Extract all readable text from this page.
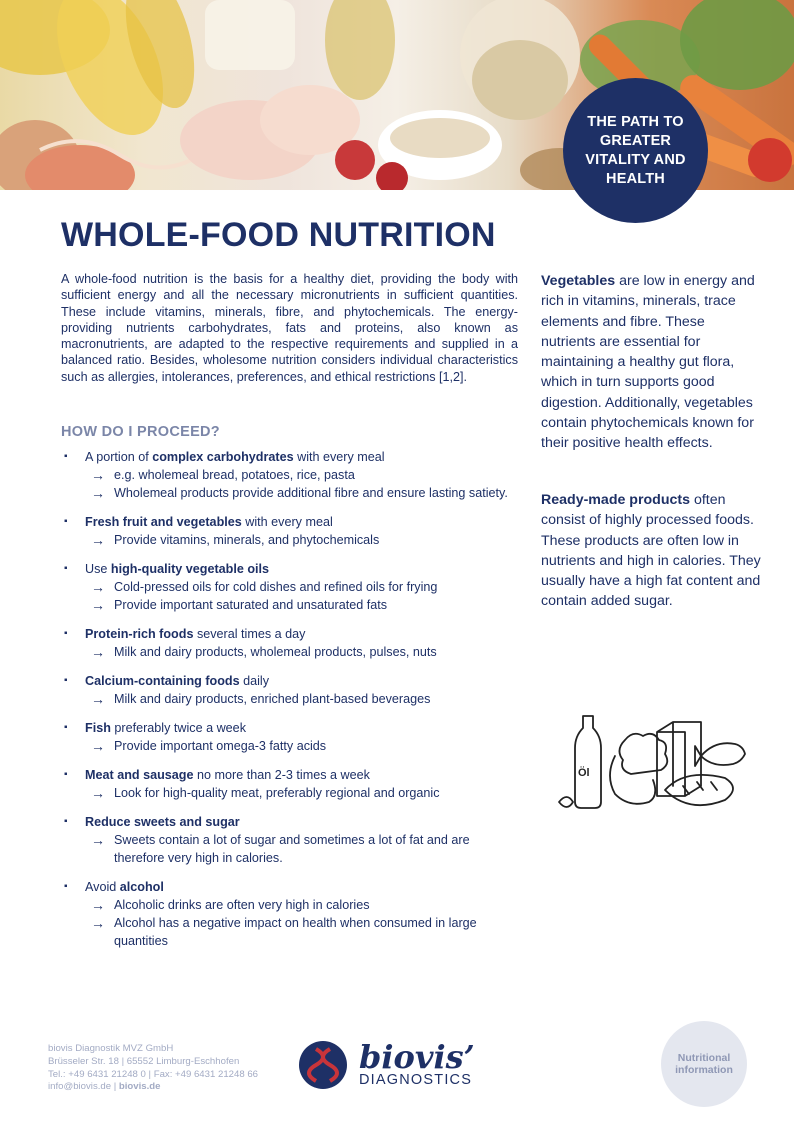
THE PATH TO GREATER VITALITY AND HEALTH
WHOLE-FOOD NUTRITION

A whole-food nutrition is the basis for a healthy diet, providing the body with sufficient energy and all the necessary micronutrients in sufficient quantities. These include vitamins, minerals, fibre, and phytochemicals. The energy-providing nutrients carbohydrates, fats and proteins, also known as macronutrients, are adapted to the respective requirements and supplied in a balanced ratio. Besides, wholesome nutrition considers individual characteristics such as allergies, intolerances, preferences, and ethical restrictions [1,2].

HOW DO I PROCEED?
▪ A portion of complex carbohydrates with every meal
→ e.g. wholemeal bread, potatoes, rice, pasta
→ Wholemeal products provide additional fibre and ensure lasting satiety.
▪ Fresh fruit and vegetables with every meal
→ Provide vitamins, minerals, and phytochemicals
▪ Use high-quality vegetable oils
→ Cold-pressed oils for cold dishes and refined oils for frying
→ Provide important saturated and unsaturated fats
▪ Protein-rich foods several times a day
→ Milk and dairy products, wholemeal products, pulses, nuts
▪ Calcium-containing foods daily
→ Milk and dairy products, enriched plant-based beverages
▪ Fish preferably twice a week
→ Provide important omega-3 fatty acids
▪ Meat and sausage no more than 2-3 times a week
→ Look for high-quality meat, preferably regional and organic
▪ Reduce sweets and sugar
→ Sweets contain a lot of sugar and sometimes a lot of fat and are therefore very high in calories.
▪ Avoid alcohol
→ Alcoholic drinks are often very high in calories
→ Alcohol has a negative impact on health when consumed in large quantities
Vegetables are low in energy and rich in vitamins, minerals, trace elements and fibre. These nutrients are essential for maintaining a healthy gut flora, which in turn supports good digestion. Additionally, vegetables contain phytochemicals known for their positive health effects.
Ready-made products often consist of highly processed foods. These products are often low in nutrients and high in calories. They usually have a high fat content and contain added sugar.
Öl
biovis Diagnostik MVZ GmbH
Brüsseler Str. 18 | 65552 Limburg-Eschhofen
Tel.: +49 6431 21248 0 | Fax: +49 6431 21248 66
info@biovis.de | biovis.de
biovis’
DIAGNOSTICS
Nutritional information
